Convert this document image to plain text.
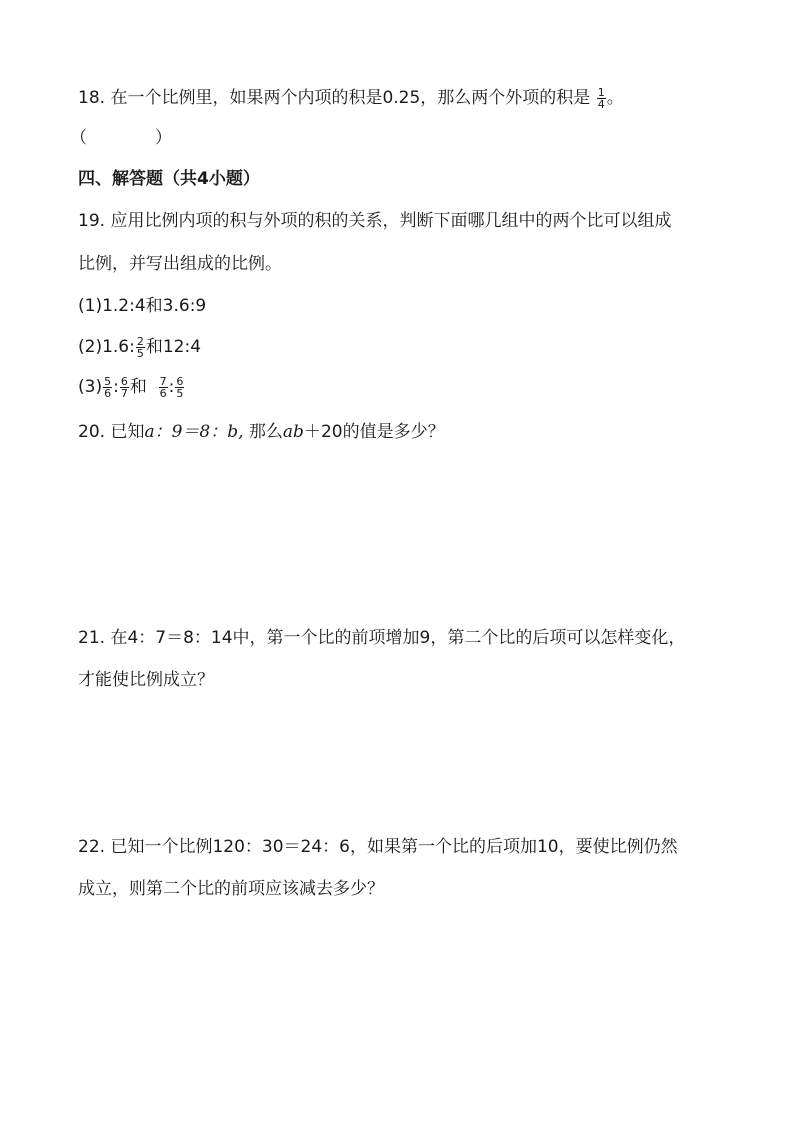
18. 在一个比例里，如果两个内项的积是0.25，那么两个外项的积是 $\frac{1}{4}$ 。
（　　　　）
四、解答题（共4小题）
19. 应用比例内项的积与外项的积的关系，判断下面哪几组中的两个比可以组成
比例，并写出组成的比例。
(1)1.2:4和3.6:9
(2)1.6: $\frac{2}{5}$ 和12:4
$(3) \frac{5}{6}$ : $\frac{6}{7}$ 和 $\frac{7}{6}$ : $\frac{6}{5}$
20. 已知a：9＝8：b, 那么ab＋20的值是多少？
21. 在4：7＝8：14中，第一个比的前项增加9，第二个比的后项可以怎样变化，
才能使比例成立？
22. 已知一个比例120：30＝24：6，如果第一个比的后项加10，要使比例仍然
成立，则第二个比的前项应该减去多少？
